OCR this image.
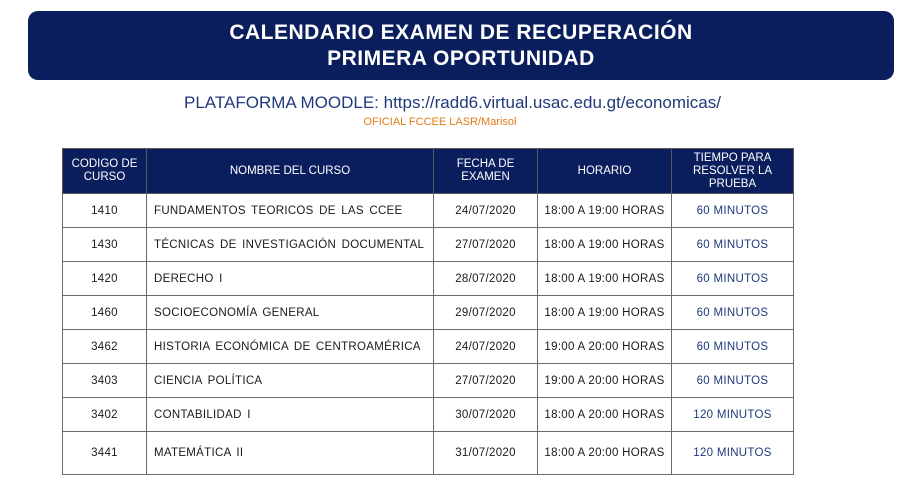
CALENDARIO EXAMEN DE RECUPERACIÓN
PRIMERA OPORTUNIDAD
PLATAFORMA MOODLE: https://radd6.virtual.usac.edu.gt/economicas/
OFICIAL FCCEE LASR/Marisol
CODIGO DE CURSO	NOMBRE DEL CURSO	FECHA DE EXAMEN	HORARIO	TIEMPO PARA RESOLVER LA PRUEBA
1410	FUNDAMENTOS TEORICOS DE LAS CCEE	24/07/2020	18:00 A 19:00 HORAS	60 MINUTOS
1430	TÉCNICAS DE INVESTIGACIÓN DOCUMENTAL	27/07/2020	18:00 A 19:00 HORAS	60 MINUTOS
1420	DERECHO I	28/07/2020	18:00 A 19:00 HORAS	60 MINUTOS
1460	SOCIOECONOMÍA GENERAL	29/07/2020	18:00 A 19:00 HORAS	60 MINUTOS
3462	HISTORIA ECONÓMICA DE CENTROAMÉRICA	24/07/2020	19:00 A 20:00 HORAS	60 MINUTOS
3403	CIENCIA POLÍTICA	27/07/2020	19:00 A 20:00 HORAS	60 MINUTOS
3402	CONTABILIDAD I	30/07/2020	18:00 A 20:00 HORAS	120 MINUTOS
3441	MATEMÁTICA II	31/07/2020	18:00 A 20:00 HORAS	120 MINUTOS
